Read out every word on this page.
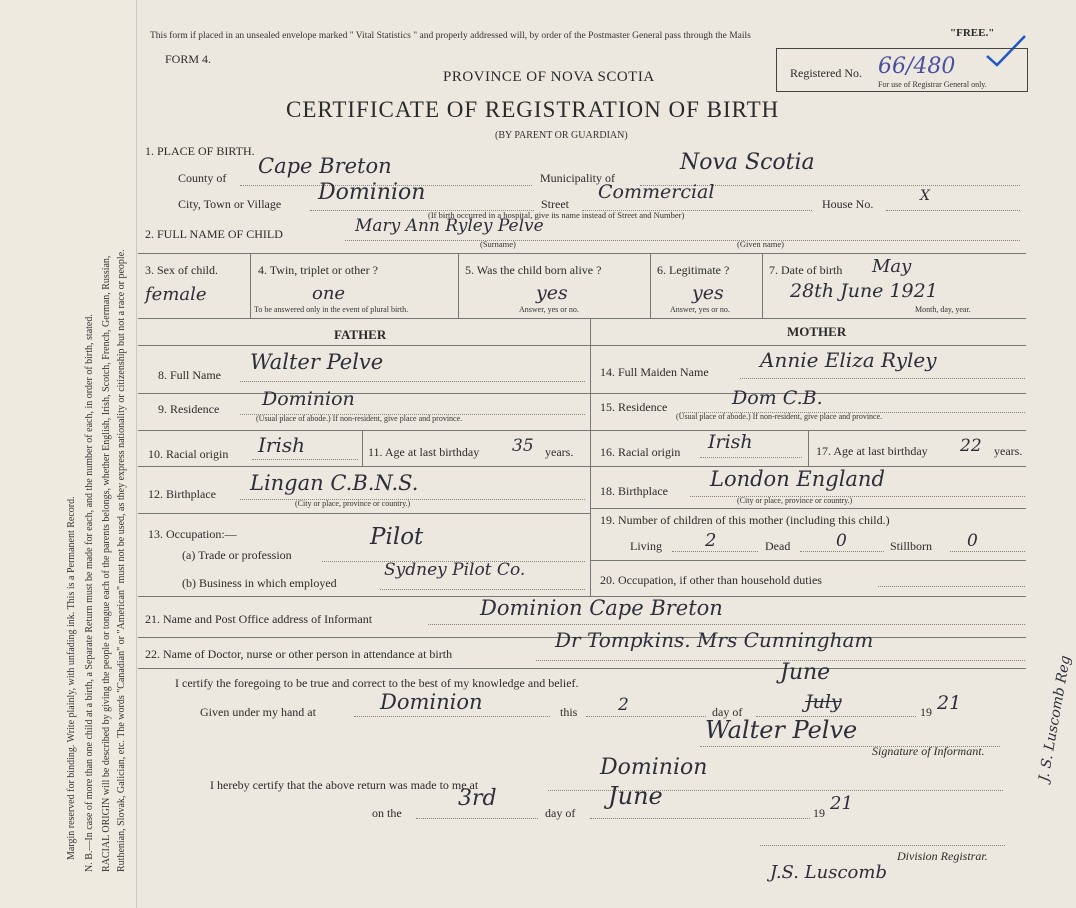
Margin reserved for binding. Write plainly, with unfading ink. This is a Permanent Record. N. B.—In case of more than one child at a birth, a Separate Return must be made for each, and the number of each, in order of birth, stated. RACIAL ORIGIN will be described by giving the people or tongue each of the parents belongs, whether English, Irish, Scotch, French, German, Russian, Ruthenian, Slovak, Galician, etc. The words "Canadian" or "American" must not be used, as they express nationality or citizenship but not a race or people.
This form if placed in an unsealed envelope marked " Vital Statistics " and properly addressed will, by order of the Postmaster General pass through the Mails	"FREE."
FORM 4.
PROVINCE OF NOVA SCOTIA
CERTIFICATE OF REGISTRATION OF BIRTH
(BY PARENT OR GUARDIAN)
Registered No. 66/480
For use of Registrar General only.
1. PLACE OF BIRTH.
County of Cape Breton	Municipality of
Nova Scotia
City, Town or Village Dominion	Street
Commercial
House No.	X
(If birth occurred in a hospital, give its name instead of Street and Number)
2. FULL NAME OF CHILD	Mary Ann Ryley Pelve
(Surname)	(Given name)
3. Sex of child.
female
4. Twin, triplet or other ?
one
To be answered only in the event of plural birth.
5. Was the child born alive ?
yes
Answer, yes or no.
6. Legitimate ?
yes
Answer, yes or no.
7. Date of birth May
28th June 1921
Month, day, year.
FATHER	MOTHER
8. Full Name
Walter Pelve
9. Residence Dominion
(Usual place of abode.) If non-resident, give place and province.
10. Racial origin Irish	11. Age at last birthday 35 years.
12. Birthplace Lingan C.B.N.S.
(City or place, province or country.)
13. Occupation:—
(a) Trade or profession
Pilot
(b) Business in which employed
Sydney Pilot Co.
14. Full Maiden Name	Annie Eliza Ryley
15. Residence	Dom C.B.
(Usual place of abode.) If non-resident, give place and province.
16. Racial origin Irish	17. Age at last birthday 22 years.
18. Birthplace London England
(City or place, province or country.)
19. Number of children of this mother (including this child.)
Living 2	Dead	0	Stillborn 0
20. Occupation, if other than household duties
21. Name and Post Office address of Informant	Dominion Cape Breton
22. Name of Doctor, nurse or other person in attendance at birth
Dr Tompkins. Mrs Cunningham
I certify the foregoing to be true and correct to the best of my knowledge and belief.
Given under my hand at	Dominion	this 2	day of	July
June
19 21
Walter Pelve
Signature of Informant.
I hereby certify that the above return was made to me at
Dominion
on the
3rd
day of
June
19 21
Division Registrar.
J.S. Luscomb
J. S. Luscomb Reg
